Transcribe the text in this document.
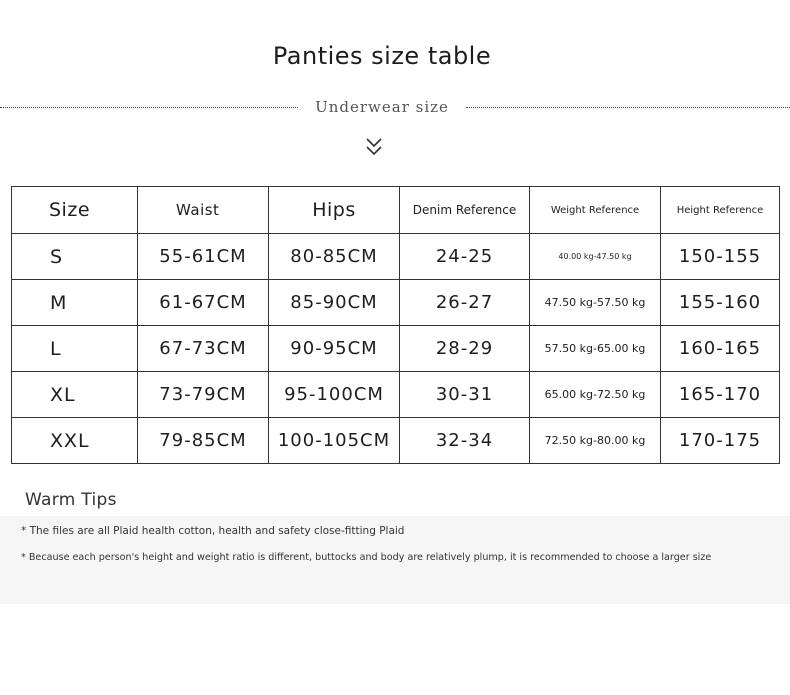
Panties size table
Underwear size
Size	Waist	Hips	Denim Reference	Weight Reference	Height Reference
S	55-61CM	80-85CM	24-25	40.00 kg-47.50 kg	150-155
M	61-67CM	85-90CM	26-27	47.50 kg-57.50 kg	155-160
L	67-73CM	90-95CM	28-29	57.50 kg-65.00 kg	160-165
XL	73-79CM	95-100CM	30-31	65.00 kg-72.50 kg	165-170
XXL	79-85CM	100-105CM	32-34	72.50 kg-80.00 kg	170-175
Warm Tips
* The files are all Plaid health cotton, health and safety close-fitting Plaid
* Because each person's height and weight ratio is different, buttocks and body are relatively plump, it is recommended to choose a larger size
